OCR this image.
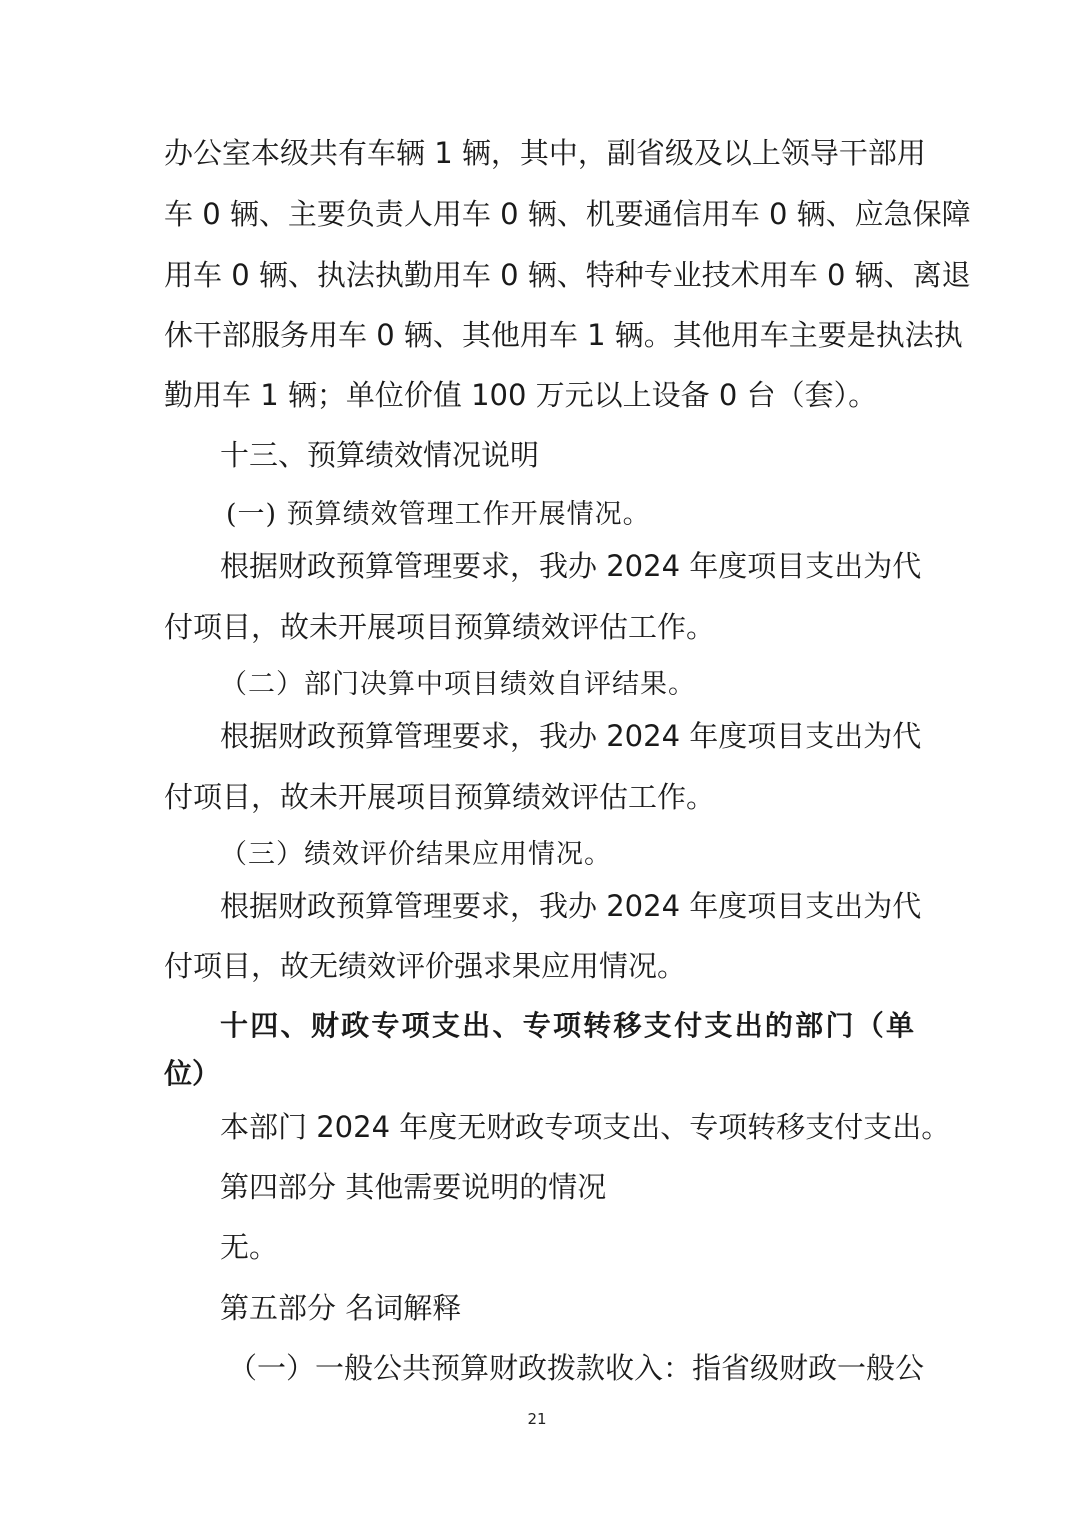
办公室本级共有车辆 1 辆，其中，副省级及以上领导干部用
车 0 辆、主要负责人用车 0 辆、机要通信用车 0 辆、应急保障
用车 0 辆、执法执勤用车 0 辆、特种专业技术用车 0 辆、离退
休干部服务用车 0 辆、其他用车 1 辆。其他用车主要是执法执
勤用车 1 辆；单位价值 100 万元以上设备 0 台（套）。
十三、预算绩效情况说明
(一) 预算绩效管理工作开展情况。
根据财政预算管理要求，我办 2024 年度项目支出为代
付项目，故未开展项目预算绩效评估工作。
（二）部门决算中项目绩效自评结果。
根据财政预算管理要求，我办 2024 年度项目支出为代
付项目，故未开展项目预算绩效评估工作。
（三）绩效评价结果应用情况。
根据财政预算管理要求，我办 2024 年度项目支出为代
付项目，故无绩效评价强求果应用情况。
十四、财政专项支出、专项转移支付支出的部门（单
位）
本部门 2024 年度无财政专项支出、专项转移支付支出。
第四部分 其他需要说明的情况
无。
第五部分 名词解释
（一）一般公共预算财政拨款收入：指省级财政一般公
21
